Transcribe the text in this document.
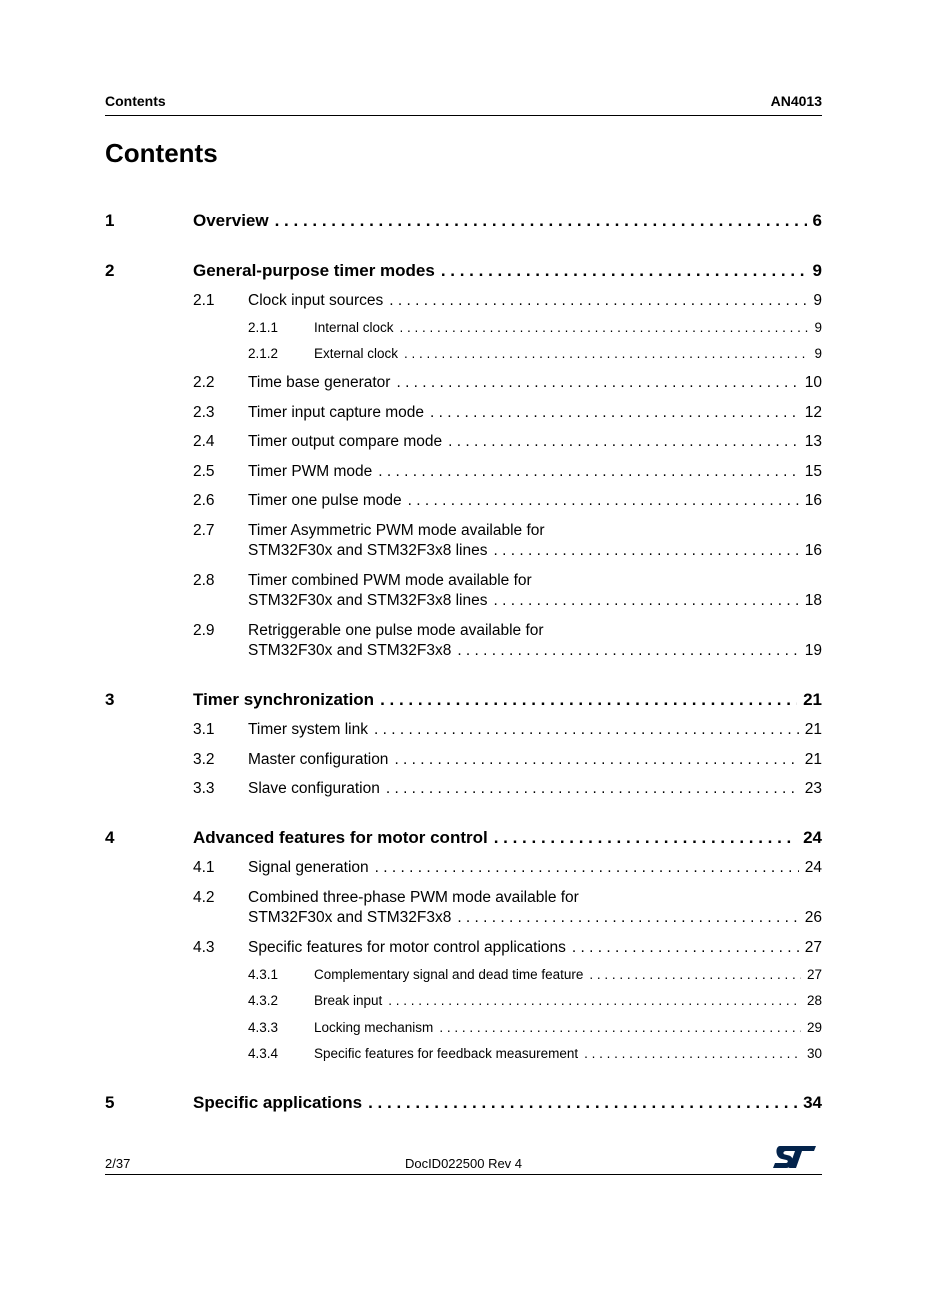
Contents	AN4013
Contents
1	Overview . . .	6
2	General-purpose timer modes . . .	9
2.1 Clock input sources . . .	9
2.1.1	Internal clock . . .	9
2.1.2	External clock . . .	9
2.2 Time base generator . . .	10
2.3 Timer input capture mode . . .	12
2.4 Timer output compare mode . . .	13
2.5 Timer PWM mode . . .	15
2.6 Timer one pulse mode . . .	16
2.7 Timer Asymmetric PWM mode available for
STM32F30x and STM32F3x8 lines . . .	16
2.8 Timer combined PWM mode available for
STM32F30x and STM32F3x8 lines . . .	18
2.9 Retriggerable one pulse mode available for
STM32F30x and STM32F3x8 . . .	19
3	Timer synchronization . . .	21
3.1 Timer system link . . .	21
3.2 Master configuration . . .	21
3.3 Slave configuration . . .	23
4	Advanced features for motor control . . .	24
4.1 Signal generation . . .	24
4.2 Combined three-phase PWM mode available for
STM32F30x and STM32F3x8 . . .	26
4.3 Specific features for motor control applications . . .	27
4.3.1	Complementary signal and dead time feature . . .	27
4.3.2	Break input . . .	28
4.3.3	Locking mechanism . . .	29
4.3.4	Specific features for feedback measurement . . .	30
5	Specific applications . . .	34
2/37	DocID022500 Rev 4
